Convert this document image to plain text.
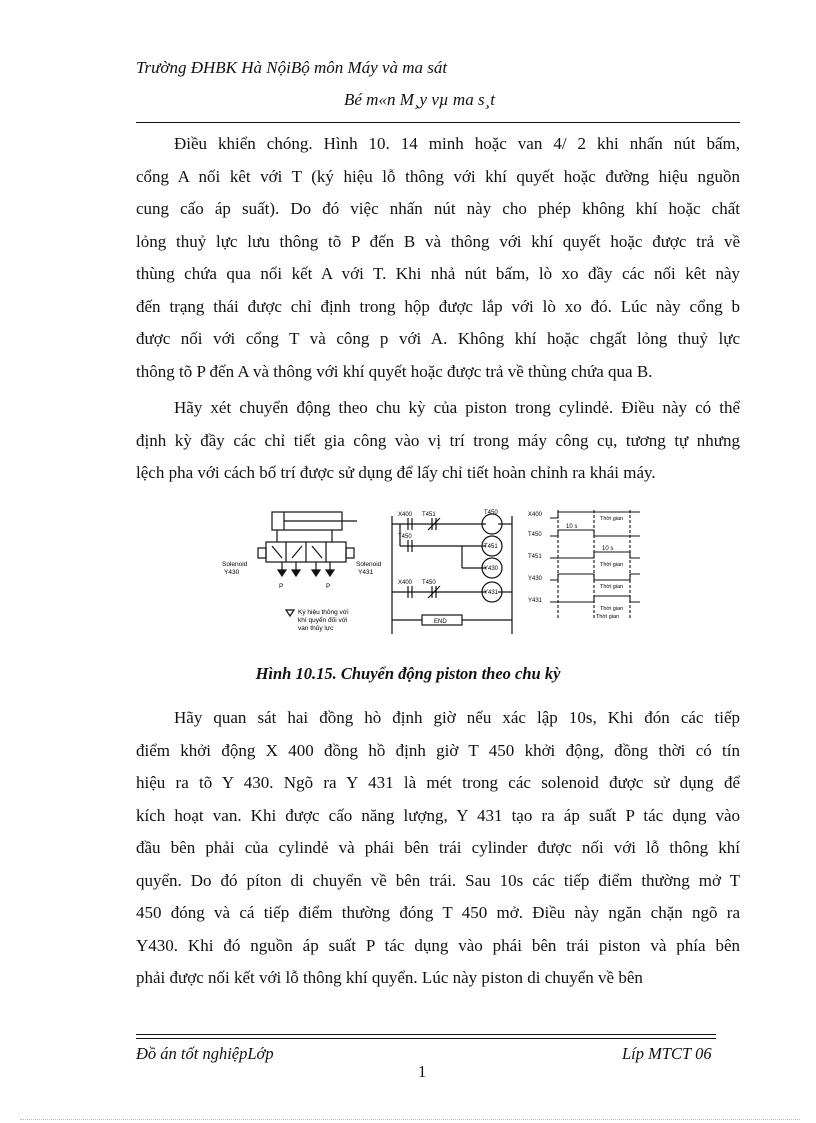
Trường ĐHBK Hà NộiBộ môn Máy và ma sát
Bé m«n M¸y vµ ma s¸t
Điều khiển chóng. Hình 10. 14 minh hoặc van 4/ 2 khi nhấn nút bấm,
cổng A nối kêt với T (ký hiệu lỗ thông với khí quyết hoặc đường hiệu nguồn
cung cấo áp suất). Do đó việc nhấn nút này cho phép không khí hoặc chất
lỏng thuỷ lực lưu thông tõ P đến B và thông với khí quyết hoặc được trả về
thùng chứa qua nối kết A với T. Khi nhả nút bấm, lò xo đầy các nối kêt này
đến trạng thái được chỉ định trong hộp được lắp với lò xo đó. Lúc này cổng b
được nối với cổng T và công p với A. Không khí hoặc chgất lỏng thuỷ lực
thông tõ P đến A và thông với khí quyết hoặc được trả về thùng chứa qua B.
Hãy xét chuyển động theo chu kỳ của piston trong cylindẻ. Điều này có thể
định kỳ đầy các chỉ tiết gia công vào vị trí trong máy công cụ, tương tự nhưng
lệch pha với cách bố trí được sử dụng để lấy chỉ tiết hoàn chỉnh ra khái máy.
Solenoid
Y430
Solenoid
Y431
P	P
Ký hiệu thông với
khí quyển đối với
van thủy lực
X400 T451	T450
T450
T451
Y430
X400 T450
Y431
END
X400
T450
T451
Y430
Y431
Thời gian
10 s
10 s
Thời gian
Thời gian
Thời gian
Thời gian
Hình 10.15. Chuyển động piston theo chu kỳ
Hãy quan sát hai đồng hò định giờ nếu xác lập 10s, Khi đón các tiếp
điểm khởi động X 400 đồng hồ định giờ T 450 khởi động, đồng thời có tín
hiệu ra tõ Y 430. Ngõ ra Y 431 là mét trong các solenoid được sử dụng để
kích hoạt van. Khi được cấo năng lượng, Y 431 tạo ra áp suất P tác dụng vào
đầu bên phải của cylindẻ và phái bên trái cylinder được nối với lỗ thông khí
quyển. Do đó píton di chuyển về bên trái. Sau 10s các tiếp điểm thường mở T
450 đóng và cá tiếp điểm thường đóng T 450 mở. Điều này ngăn chặn ngõ ra
Y430. Khi đó nguồn áp suất P tác dụng vào phái bên trái piston và phía bên
phải được nối kết với lỗ thông khí quyển. Lúc này piston di chuyển về bên
Đồ án tốt nghiệpLớp	Líp MTCT 06
1
